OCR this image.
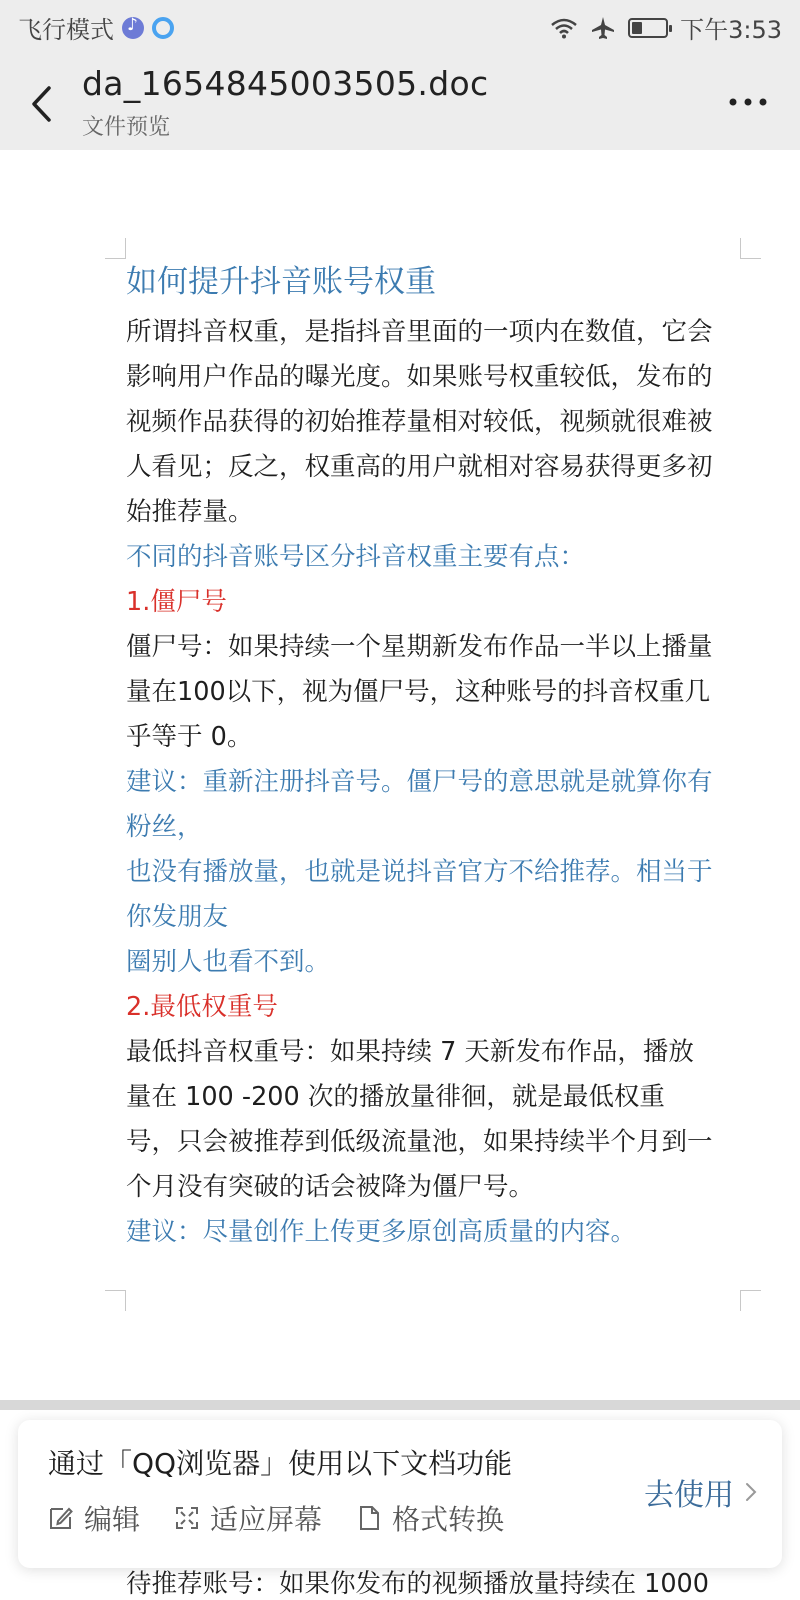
飞行模式
♪	下午3:53
da_1654845003505.doc
文件预览
如何提升抖音账号权重
所谓抖音权重，是指抖音里面的一项内在数值，它会
影响用户作品的曝光度。如果账号权重较低，发布的
视频作品获得的初始推荐量相对较低，视频就很难被
人看见；反之，权重高的用户就相对容易获得更多初
始推荐量。
不同的抖音账号区分抖音权重主要有点：
1.僵尸号
僵尸号：如果持续一个星期新发布作品一半以上播量
量在100以下，视为僵尸号，这种账号的抖音权重几
乎等于 0。
建议：重新注册抖音号。僵尸号的意思就是就算你有
粉丝，
也没有播放量，也就是说抖音官方不给推荐。相当于
你发朋友
圈别人也看不到。
2.最低权重号
最低抖音权重号：如果持续 7 天新发布作品，播放
量在 100 -200 次的播放量徘徊，就是最低权重
号，只会被推荐到低级流量池，如果持续半个月到一
个月没有突破的话会被降为僵尸号。
建议：尽量创作上传更多原创高质量的内容。
待推荐账号：如果你发布的视频播放量持续在 1000
通过「QQ浏览器」使用以下文档功能
编辑	适应屏幕	格式转换
去使用
